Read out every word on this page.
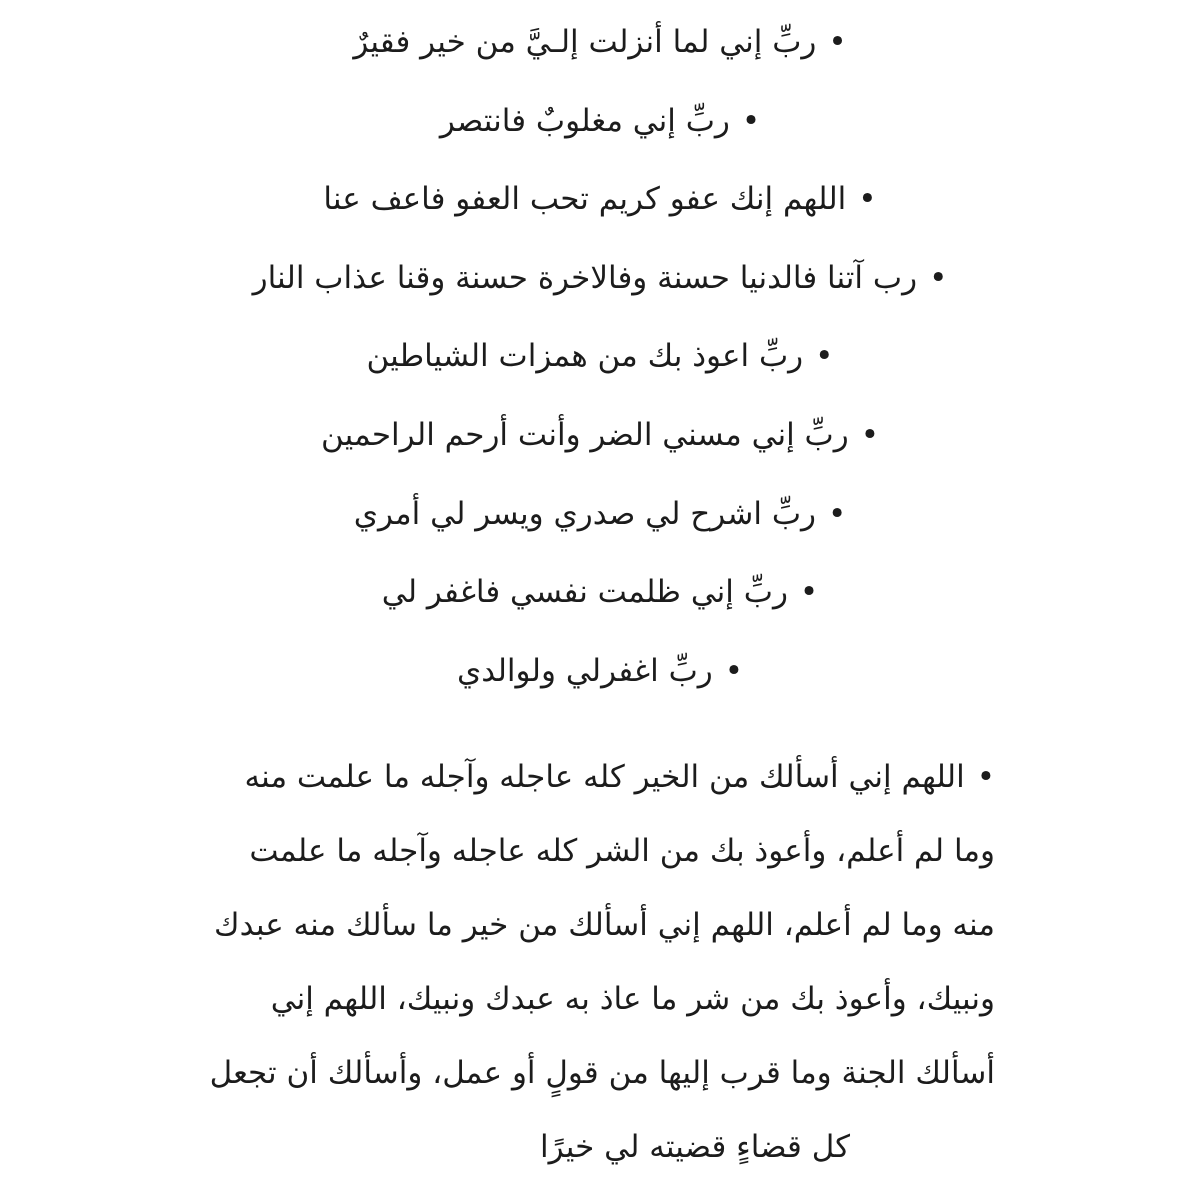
•ربِّ إني لما أنزلت إلـيَّ من خير فقيرٌ
•ربِّ إني مغلوبٌ فانتصر
•اللهم إنك عفو كريم تحب العفو فاعف عنا
•رب آتنا فالدنيا حسنة وفالاخرة حسنة وقنا عذاب النار
•ربِّ اعوذ بك من همزات الشياطين
•ربِّ إني مسني الضر وأنت أرحم الراحمين
•ربِّ اشرح لي صدري ويسر لي أمري
•ربِّ إني ظلمت نفسي فاغفر لي
•ربِّ اغفرلي ولوالدي
•اللهم إني أسألك من الخير كله عاجله وآجله ما علمت منه
وما لم أعلم، وأعوذ بك من الشر كله عاجله وآجله ما علمت
منه وما لم أعلم، اللهم إني أسألك من خير ما سألك منه عبدك
ونبيك، وأعوذ بك من شر ما عاذ به عبدك ونبيك، اللهم إني
أسألك الجنة وما قرب إليها من قولٍ أو عمل، وأسألك أن تجعل
كل قضاءٍ قضيته لي خيرًا
